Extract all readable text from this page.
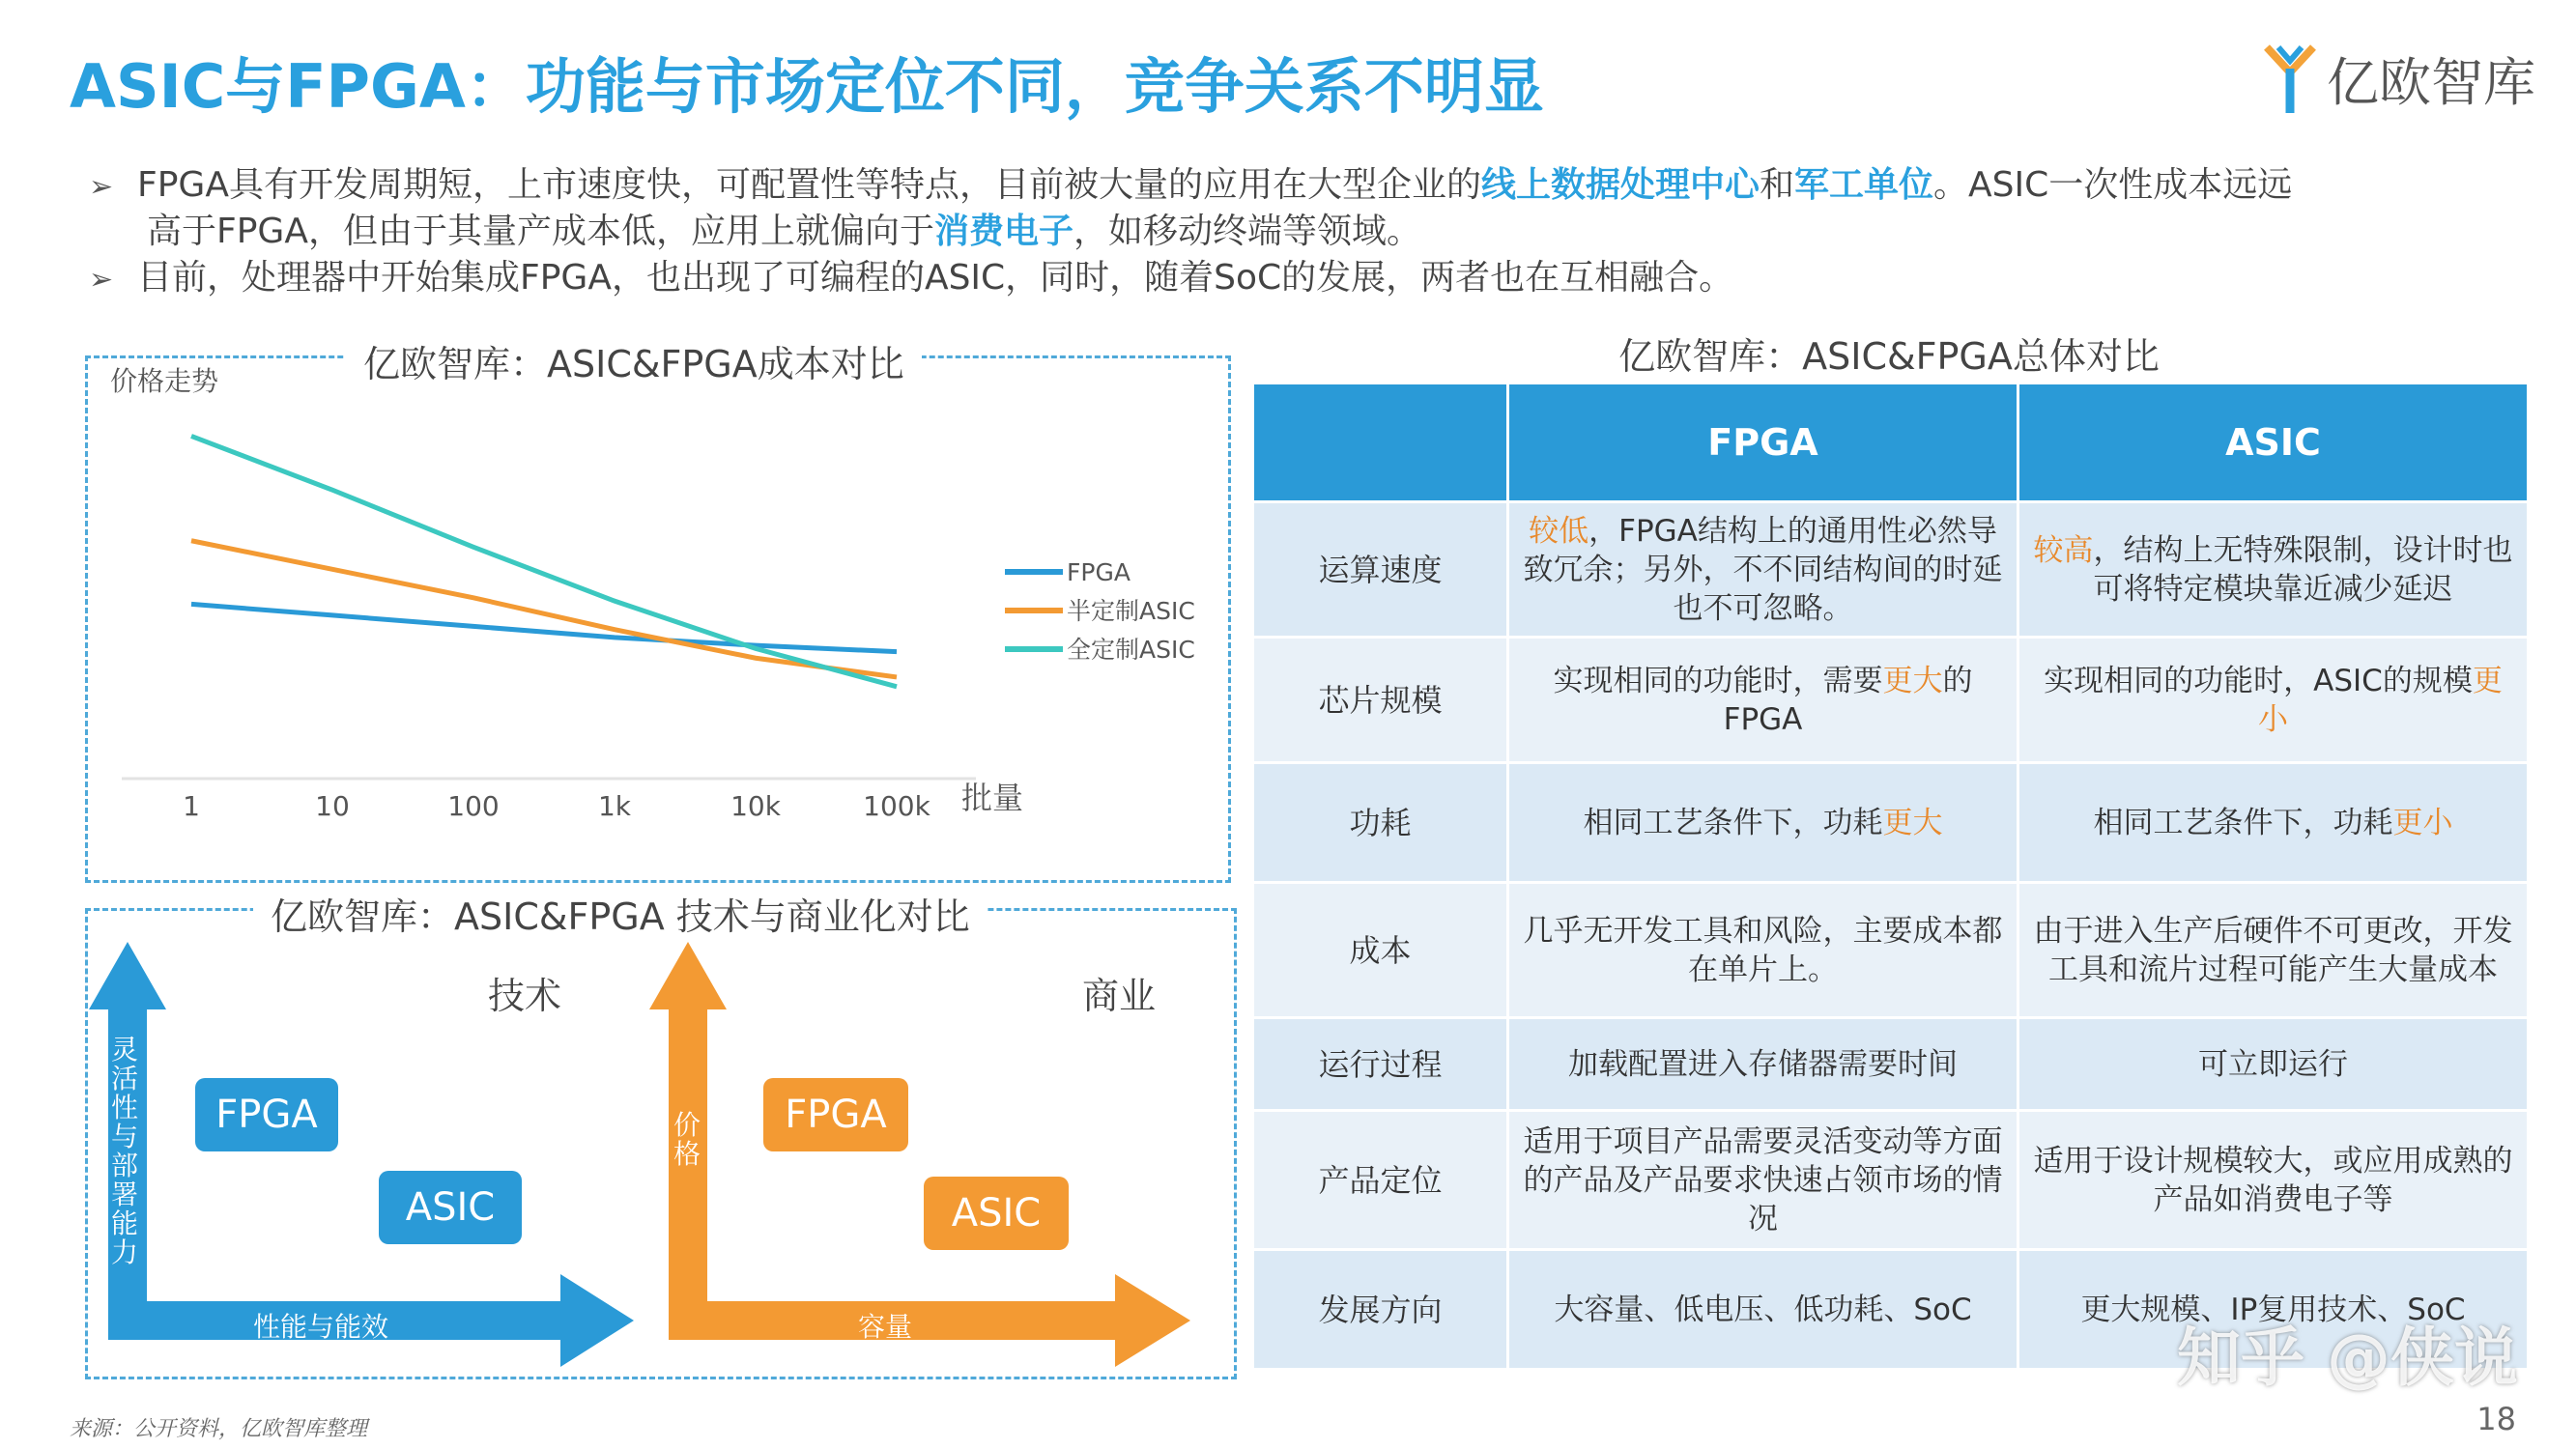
ASIC与FPGA：功能与市场定位不同，竞争关系不明显	亿欧智库
➢ FPGA具有开发周期短，上市速度快，可配置性等特点，目前被大量的应用在大型企业的线上数据处理中心和军工单位。ASIC一次性成本远远
高于FPGA，但由于其量产成本低，应用上就偏向于消费电子，如移动终端等领域。
➢ 目前，处理器中开始集成FPGA，也出现了可编程的ASIC，同时，随着SoC的发展，两者也在互相融合。
亿欧智库：ASIC&FPGA成本对比
价格走势
批量
1	10	100	1k	10k	100k
FPGA
半定制ASIC
全定制ASIC
亿欧智库：ASIC&FPGA 技术与商业化对比
技术
灵活性与部署能力
性能与能效
FPGA
ASIC
商业
价格
容量
FPGA
ASIC
亿欧智库：ASIC&FPGA总体对比
	FPGA	ASIC
运算速度	较低，FPGA结构上的通用性必然导致冗余；另外，不不同结构间的时延也不可忽略。	较高，结构上无特殊限制，设计时也可将特定模块靠近减少延迟
芯片规模	实现相同的功能时，需要更大的FPGA	实现相同的功能时，ASIC的规模更小
功耗	相同工艺条件下，功耗更大	相同工艺条件下，功耗更小
成本	几乎无开发工具和风险，主要成本都在单片上。	由于进入生产后硬件不可更改，开发工具和流片过程可能产生大量成本
运行过程	加载配置进入存储器需要时间	可立即运行
产品定位	适用于项目产品需要灵活变动等方面的产品及产品要求快速占领市场的情况	适用于设计规模较大，或应用成熟的产品如消费电子等
发展方向	大容量、低电压、低功耗、SoC	更大规模、IP复用技术、SoC
来源：公开资料，亿欧智库整理	18
知乎 @侠说
